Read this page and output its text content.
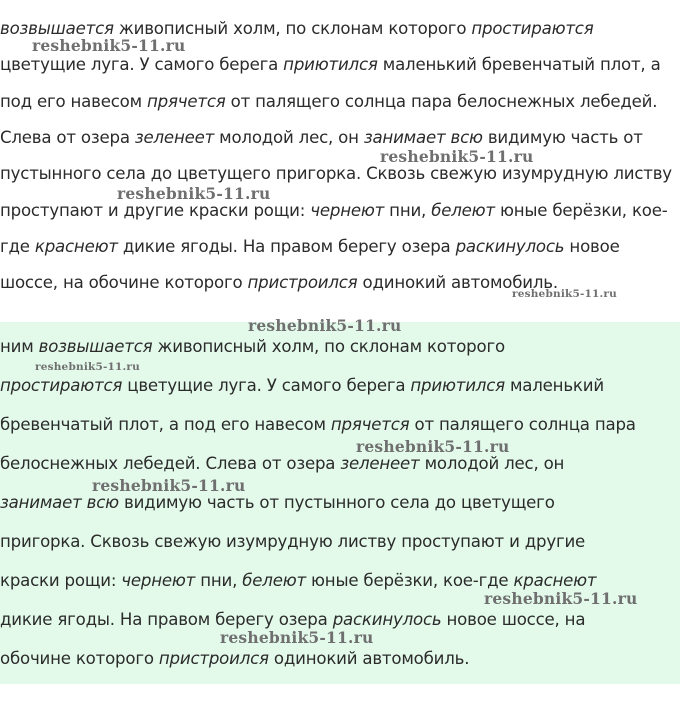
возвышается живописный холм, по склонам которого простираются
цветущие луга. У самого берега приютился маленький бревенчатый плот, а
под его навесом прячется от палящего солнца пара белоснежных лебедей.
Слева от озера зеленеет молодой лес, он занимает всю видимую часть от
пустынного села до цветущего пригорка. Сквозь свежую изумрудную листву
проступают и другие краски рощи: чернеют пни, белеют юные берёзки, кое-
где краснеют дикие ягоды. На правом берегу озера раскинулось новое
шоссе, на обочине которого пристроился одинокий автомобиль.
reshebnik5-11.ru
reshebnik5-11.ru
reshebnik5-11.ru
reshebnik5-11.ru
ним возвышается живописный холм, по склонам которого
простираются цветущие луга. У самого берега приютился маленький
бревенчатый плот, а под его навесом прячется от палящего солнца пара
белоснежных лебедей. Слева от озера зеленеет молодой лес, он
занимает всю видимую часть от пустынного села до цветущего
пригорка. Сквозь свежую изумрудную листву проступают и другие
краски рощи: чернеют пни, белеют юные берёзки, кое-где краснеют
дикие ягоды. На правом берегу озера раскинулось новое шоссе, на
обочине которого пристроился одинокий автомобиль.
reshebnik5-11.ru
reshebnik5-11.ru
reshebnik5-11.ru
reshebnik5-11.ru
reshebnik5-11.ru
reshebnik5-11.ru
